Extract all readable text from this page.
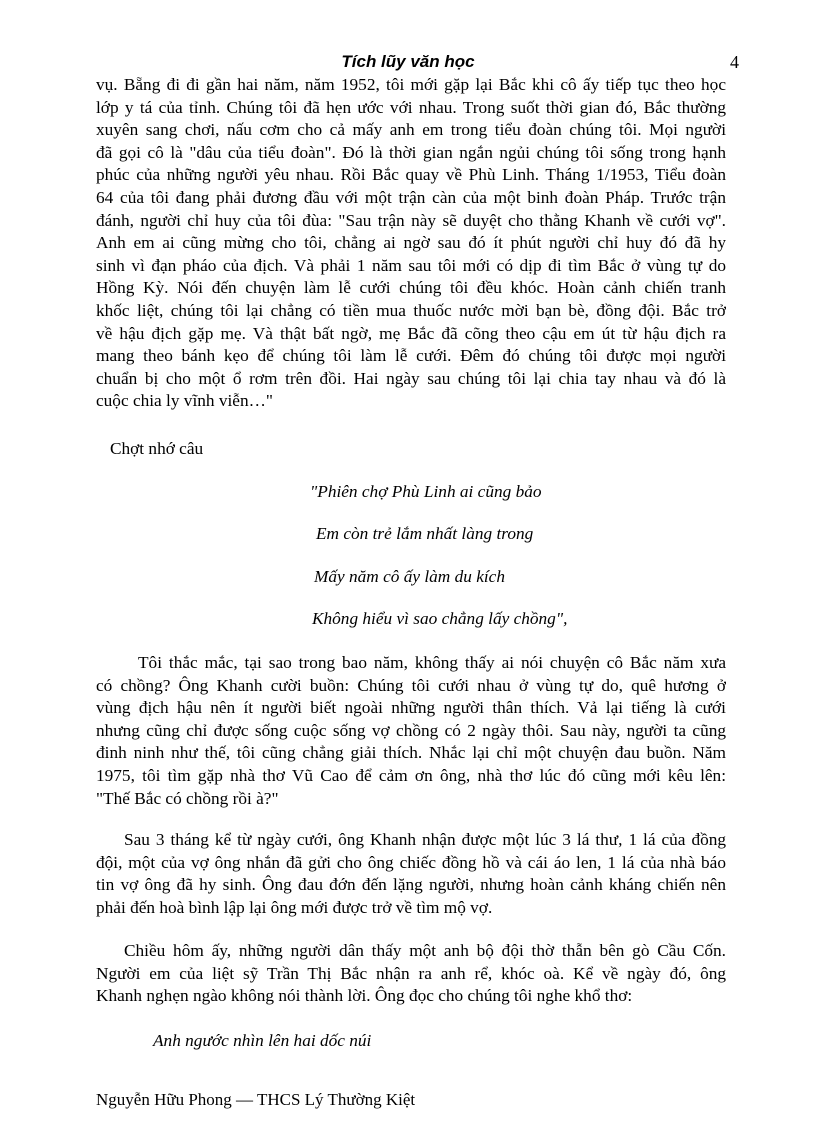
Tích lũy văn học	4
vụ. Bẵng đi đi gần hai năm, năm 1952, tôi mới gặp lại Bắc khi cô ấy tiếp tục theo học
lớp y tá của tỉnh. Chúng tôi đã hẹn ước với nhau. Trong suốt thời gian đó, Bắc thường
xuyên sang chơi, nấu cơm cho cả mấy anh em trong tiểu đoàn chúng tôi. Mọi người
đã gọi cô là "dâu của tiểu đoàn". Đó là thời gian ngắn ngủi chúng tôi sống trong hạnh
phúc của những người yêu nhau. Rồi Bắc quay về Phù Linh. Tháng 1/1953, Tiểu đoàn
64 của tôi đang phải đương đầu với một trận càn của một binh đoàn Pháp. Trước trận
đánh, người chỉ huy của tôi đùa: "Sau trận này sẽ duyệt cho thằng Khanh về cưới vợ".
Anh em ai cũng mừng cho tôi, chẳng ai ngờ sau đó ít phút người chỉ huy đó đã hy
sinh vì đạn pháo của địch. Và phải 1 năm sau tôi mới có dịp đi tìm Bắc ở vùng tự do
Hồng Kỳ. Nói đến chuyện làm lễ cưới chúng tôi đều khóc. Hoàn cảnh chiến tranh
khốc liệt, chúng tôi lại chẳng có tiền mua thuốc nước mời bạn bè, đồng đội. Bắc trở
về hậu địch gặp mẹ. Và thật bất ngờ, mẹ Bắc đã cõng theo cậu em út từ hậu địch ra
mang theo bánh kẹo để chúng tôi làm lễ cưới. Đêm đó chúng tôi được mọi người
chuẩn bị cho một ổ rơm trên đồi. Hai ngày sau chúng tôi lại chia tay nhau và đó là
cuộc chia ly vĩnh viễn…"
Chợt nhớ câu
"Phiên chợ Phù Linh ai cũng bảo
Em còn trẻ lắm nhất làng trong
Mấy năm cô ấy làm du kích
Không hiểu vì sao chẳng lấy chồng",
Tôi thắc mắc, tại sao trong bao năm, không thấy ai nói chuyện cô Bắc năm xưa
có chồng? Ông Khanh cười buồn: Chúng tôi cưới nhau ở vùng tự do, quê hương ở
vùng địch hậu nên ít người biết ngoài những người thân thích. Vả lại tiếng là cưới
nhưng cũng chỉ được sống cuộc sống vợ chồng có 2 ngày thôi. Sau này, người ta cũng
đinh ninh như thế, tôi cũng chẳng giải thích. Nhắc lại chỉ một chuyện đau buồn. Năm
1975, tôi tìm gặp nhà thơ Vũ Cao để cảm ơn ông, nhà thơ lúc đó cũng mới kêu lên:
"Thế Bắc có chồng rồi à?"
Sau 3 tháng kể từ ngày cưới, ông Khanh nhận được một lúc 3 lá thư, 1 lá của đồng
đội, một của vợ ông nhắn đã gửi cho ông chiếc đồng hồ và cái áo len, 1 lá của nhà báo
tin vợ ông đã hy sinh. Ông đau đớn đến lặng người, nhưng hoàn cảnh kháng chiến nên
phải đến hoà bình lập lại ông mới được trở về tìm mộ vợ.
Chiều hôm ấy, những người dân thấy một anh bộ đội thờ thẫn bên gò Cầu Cốn.
Người em của liệt sỹ Trần Thị Bắc nhận ra anh rể, khóc oà. Kể về ngày đó, ông
Khanh nghẹn ngào không nói thành lời. Ông đọc cho chúng tôi nghe khổ thơ:
Anh ngước nhìn lên hai dốc núi
Nguyễn Hữu Phong — THCS Lý Thường Kiệt
